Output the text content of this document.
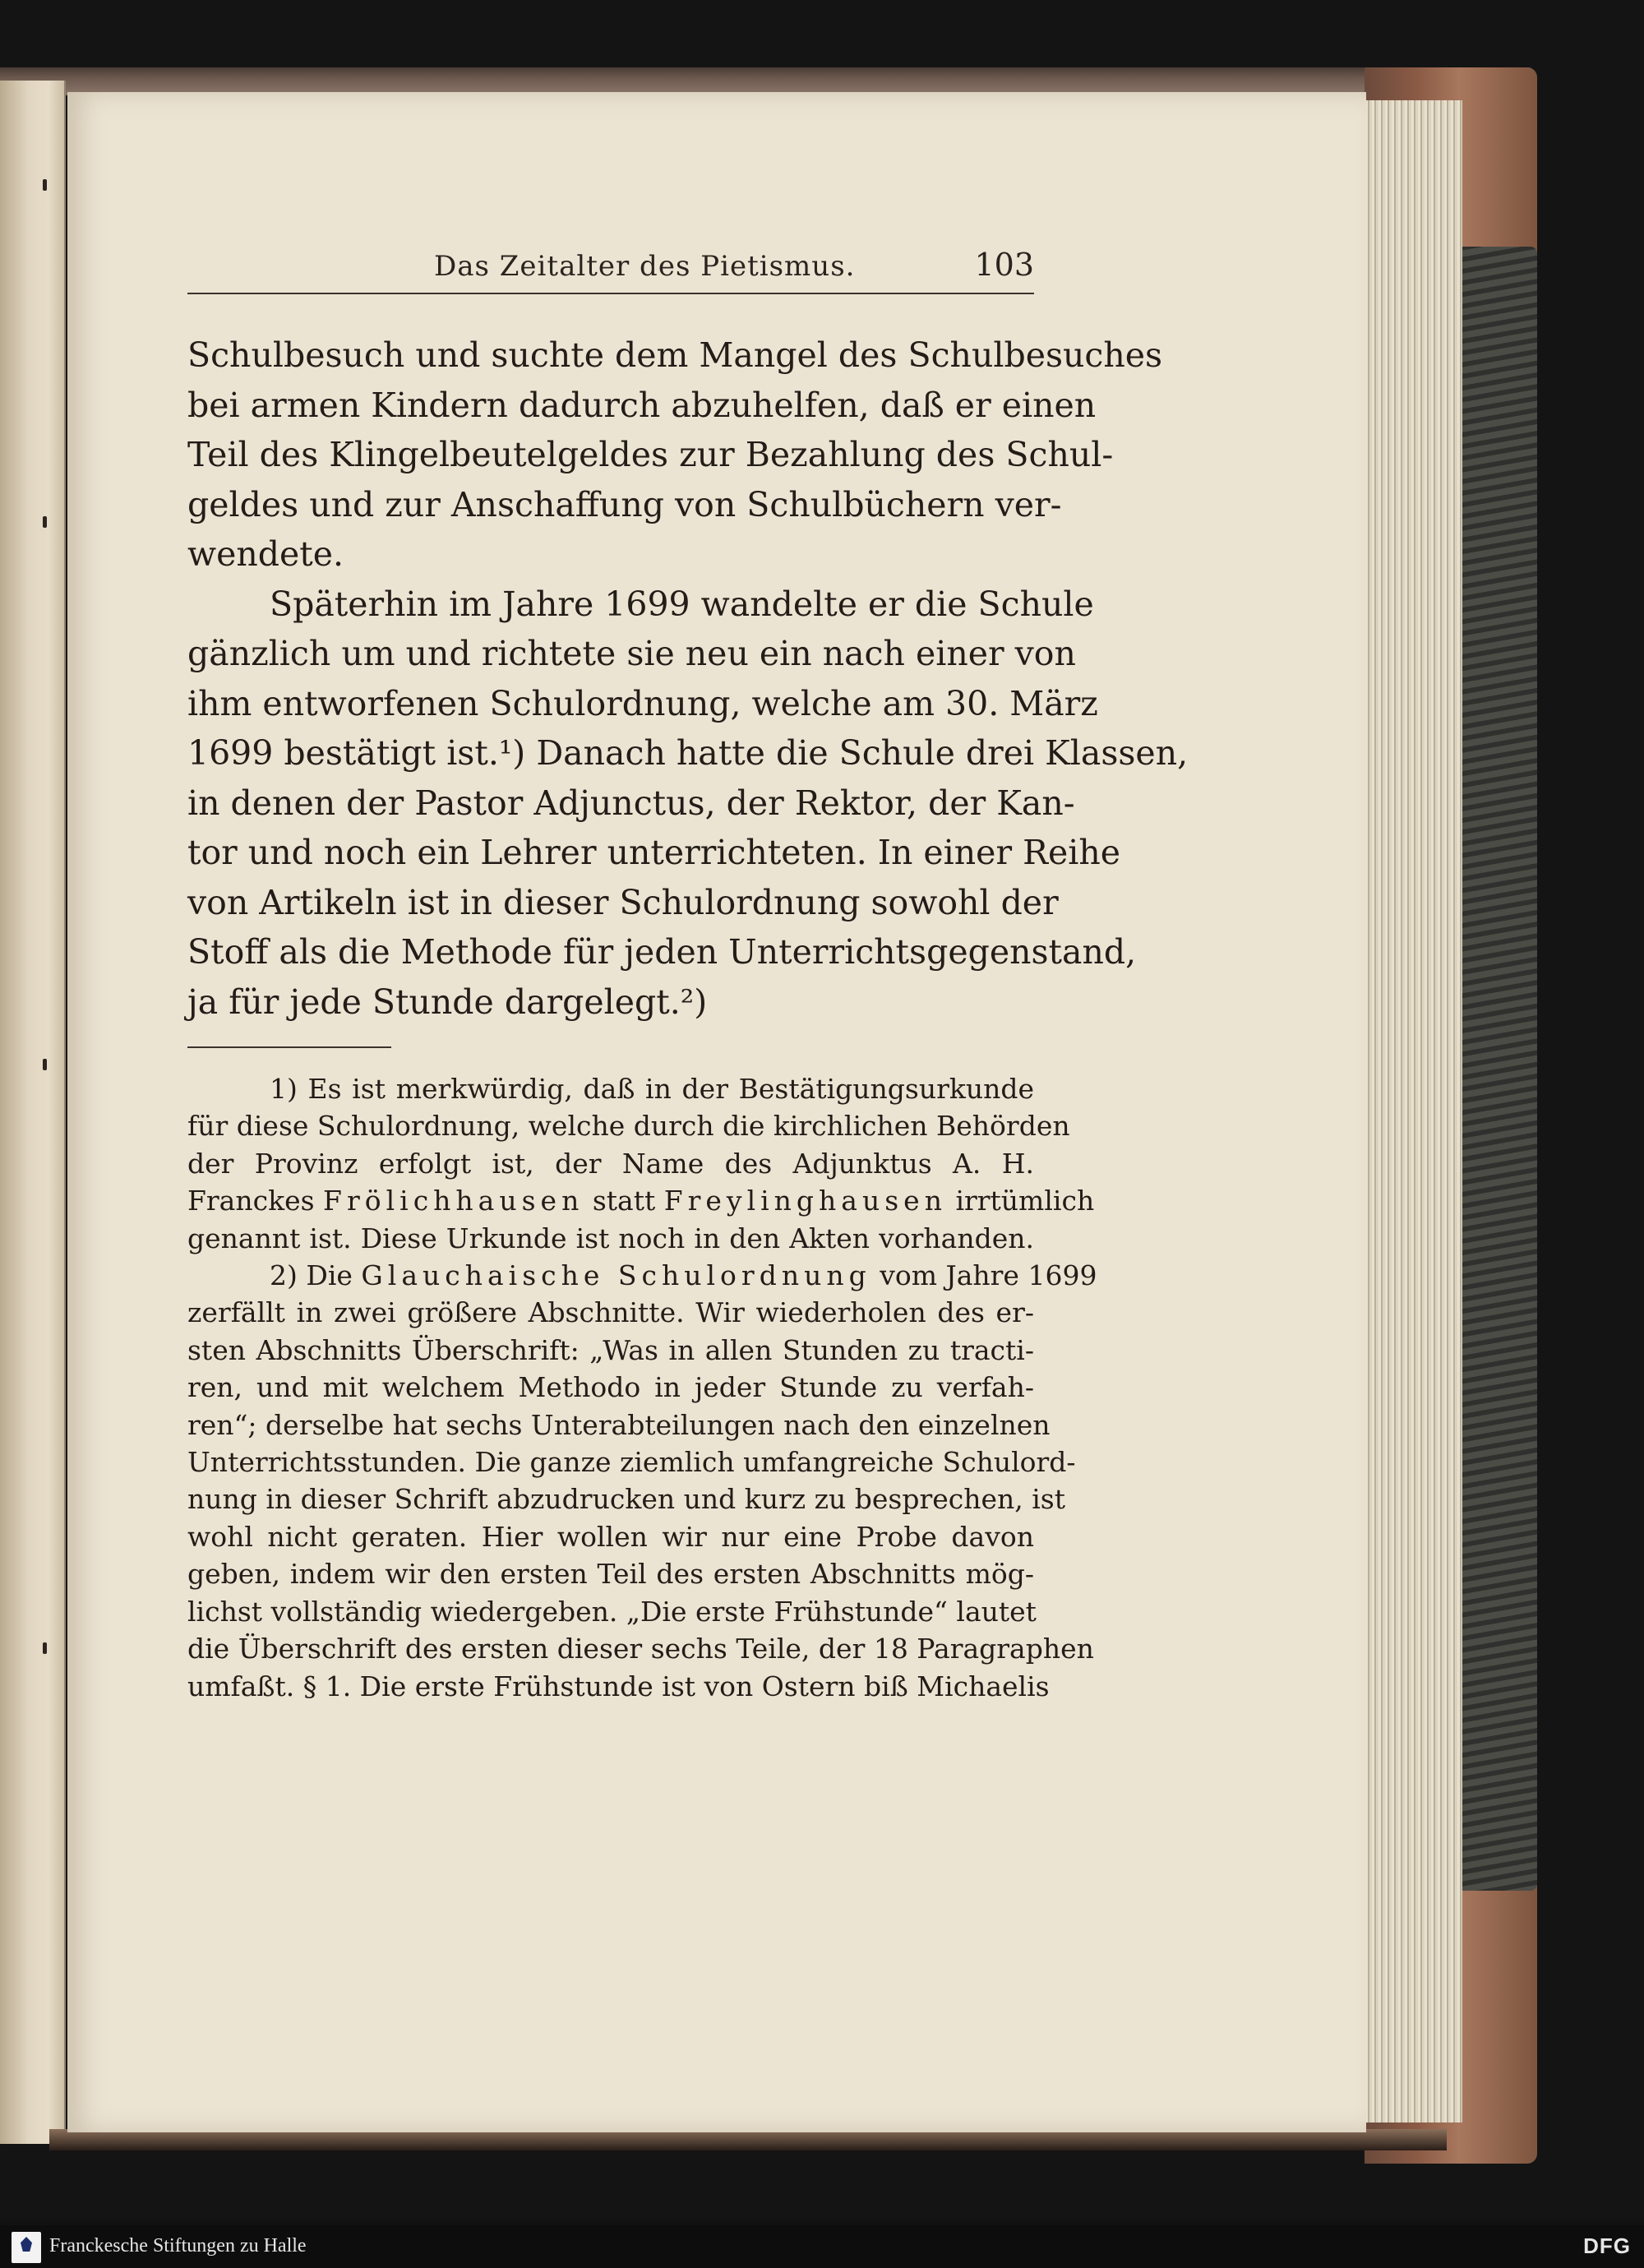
Das Zeitalter des Pietismus.	103
Schulbesuch und suchte dem Mangel des Schulbesuches
bei armen Kindern dadurch abzuhelfen, daß er einen
Teil des Klingelbeutelgeldes zur Bezahlung des Schul-
geldes und zur Anschaffung von Schulbüchern ver-
wendete.
Späterhin im Jahre 1699 wandelte er die Schule
gänzlich um und richtete sie neu ein nach einer von
ihm entworfenen Schulordnung, welche am 30. März
1699 bestätigt ist.¹) Danach hatte die Schule drei Klassen,
in denen der Pastor Adjunctus, der Rektor, der Kan-
tor und noch ein Lehrer unterrichteten. In einer Reihe
von Artikeln ist in dieser Schulordnung sowohl der
Stoff als die Methode für jeden Unterrichtsgegenstand,
ja für jede Stunde dargelegt.²)
1) Es ist merkwürdig, daß in der Bestätigungsurkunde
für diese Schulordnung, welche durch die kirchlichen Behörden
der Provinz erfolgt ist, der Name des Adjunktus A. H.
Franckes Frölichhausen statt Freylinghausen irrtümlich
genannt ist. Diese Urkunde ist noch in den Akten vorhanden.
2) Die Glauchaische Schulordnung vom Jahre 1699
zerfällt in zwei größere Abschnitte. Wir wiederholen des er-
sten Abschnitts Überschrift: „Was in allen Stunden zu tracti-
ren, und mit welchem Methodo in jeder Stunde zu verfah-
ren“; derselbe hat sechs Unterabteilungen nach den einzelnen
Unterrichtsstunden. Die ganze ziemlich umfangreiche Schulord-
nung in dieser Schrift abzudrucken und kurz zu besprechen, ist
wohl nicht geraten. Hier wollen wir nur eine Probe davon
geben, indem wir den ersten Teil des ersten Abschnitts mög-
lichst vollständig wiedergeben. „Die erste Frühstunde“ lautet
die Überschrift des ersten dieser sechs Teile, der 18 Paragraphen
umfaßt. § 1. Die erste Frühstunde ist von Ostern biß Michaelis
Franckesche Stiftungen zu Halle	DFG
